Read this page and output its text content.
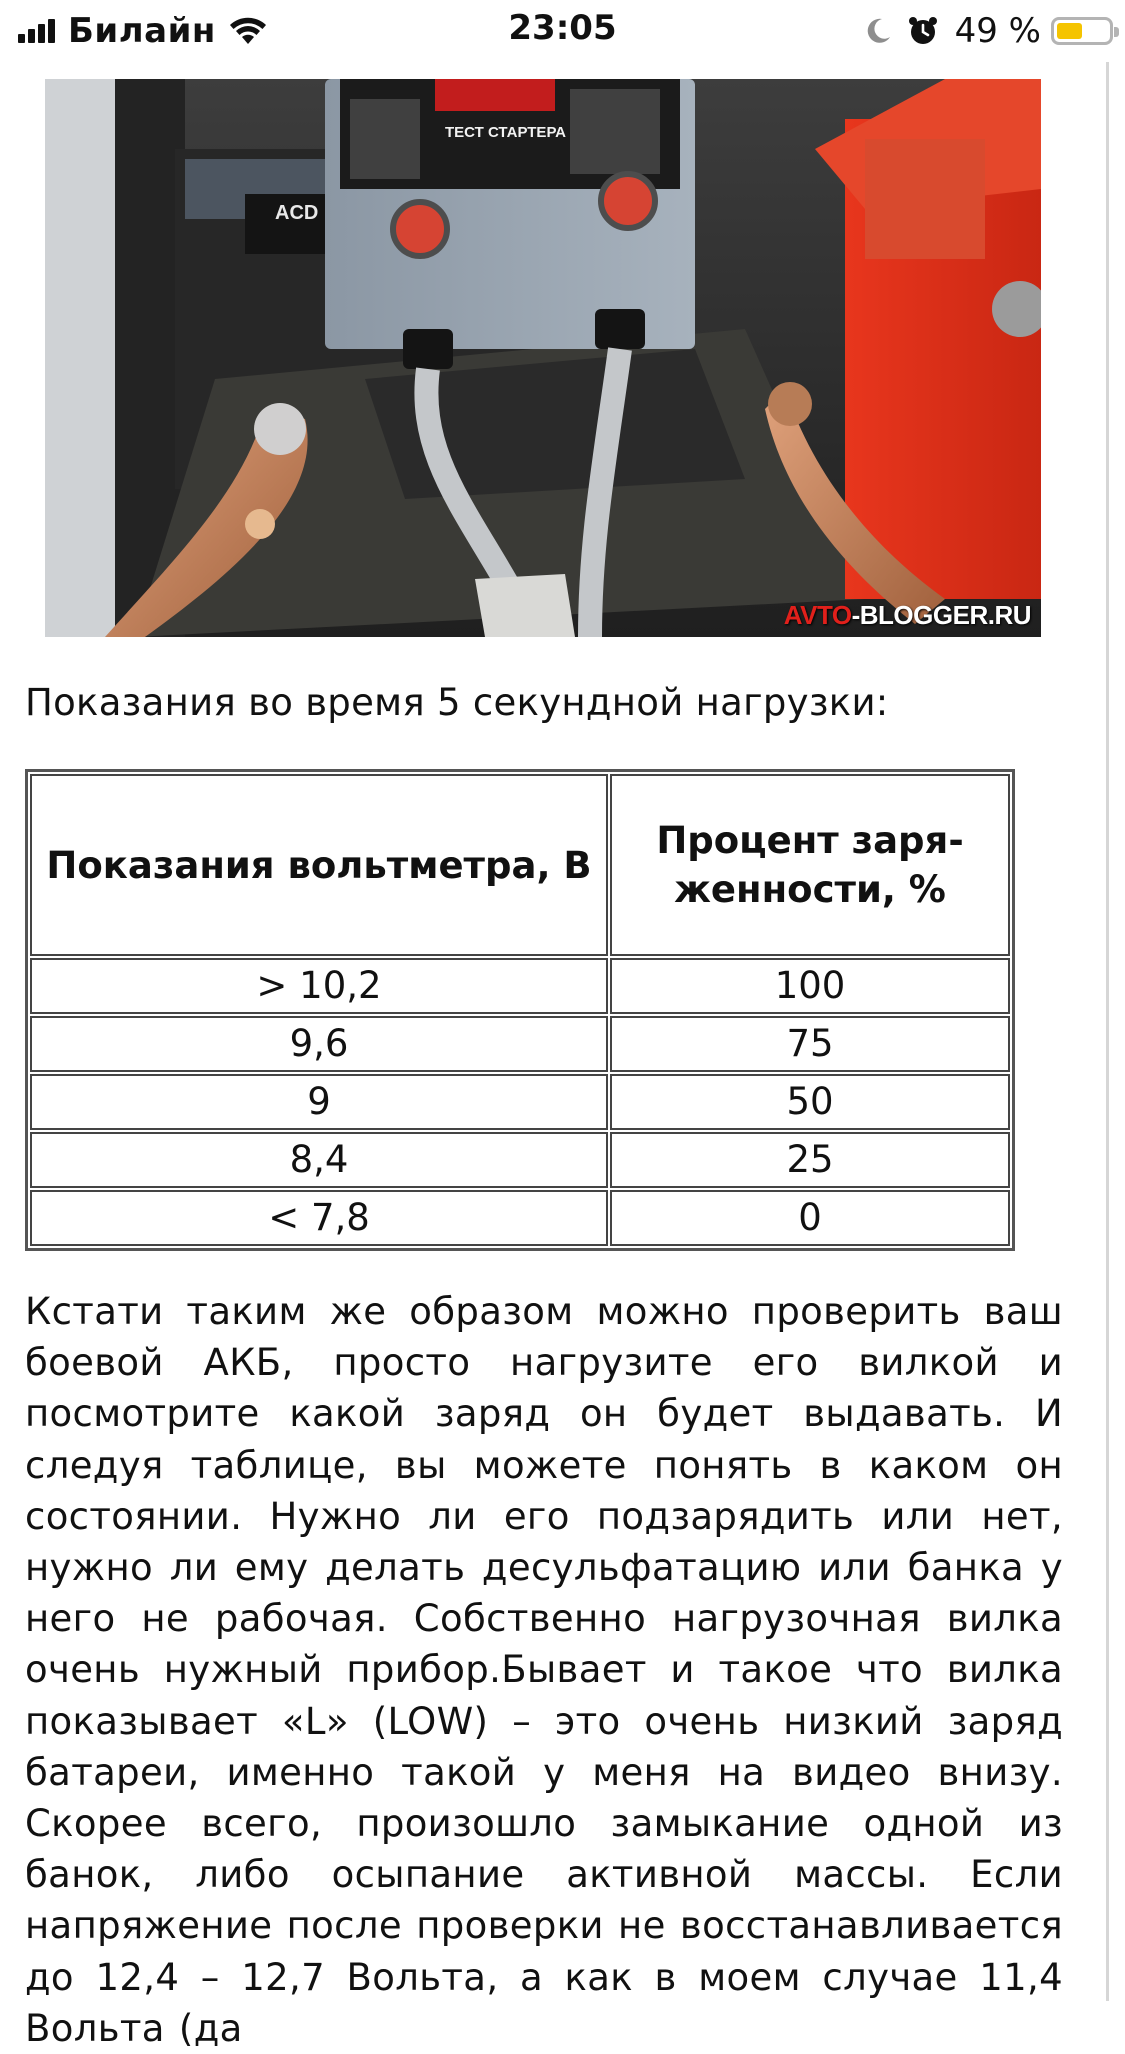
Билайн	23:05	49 %
ACD
ТЕСТ СТАРТЕРА
AVTO-BLOGGER.RU
Показания во время 5 секундной нагрузки:
Показания вольтметра, В	Процент заряженности, %
> 10,2	100
9,6	75
9	50
8,4	25
< 7,8	0

Кстати таким же образом можно проверить ваш боевой АКБ, просто нагрузите его вилкой и посмотрите какой заряд он будет выдавать. И следуя таблице, вы можете понять в каком он состоянии. Нужно ли его подзарядить или нет, нужно ли ему делать десульфатацию или банка у него не рабочая. Собственно нагрузочная вилка очень нужный прибор.Бывает и такое что вилка показывает «L» (LOW) – это очень низкий заряд батареи, именно такой у меня на видео внизу. Скорее всего, произошло замыкание одной из банок, либо осыпание активной массы. Если напряжение после проверки не восстанавливается до 12,4 – 12,7 Вольта, а как в моем случае 11,4 Вольта (да
